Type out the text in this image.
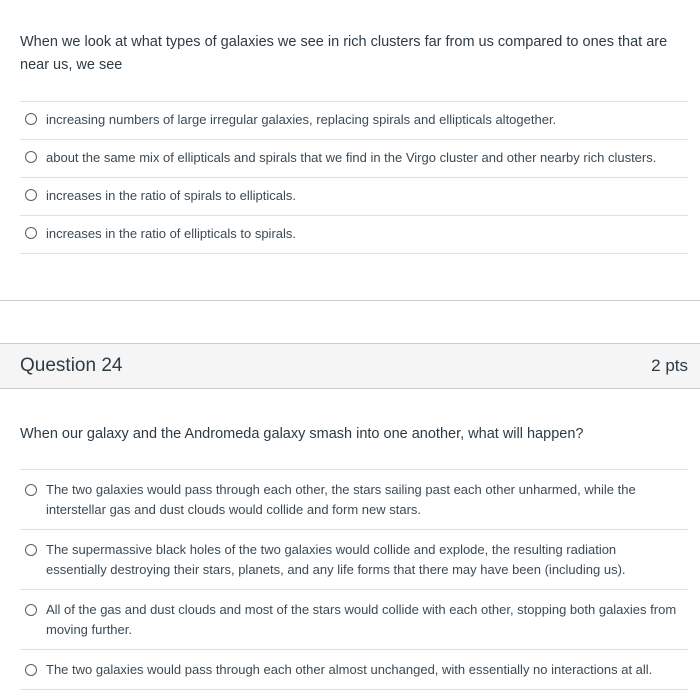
When we look at what types of galaxies we see in rich clusters far from us compared to ones that are near us, we see
increasing numbers of large irregular galaxies, replacing spirals and ellipticals altogether.
about the same mix of ellipticals and spirals that we find in the Virgo cluster and other nearby rich clusters.
increases in the ratio of spirals to ellipticals.
increases in the ratio of ellipticals to spirals.
Question 24	2 pts
When our galaxy and the Andromeda galaxy smash into one another, what will happen?
The two galaxies would pass through each other, the stars sailing past each other unharmed, while the interstellar gas and dust clouds would collide and form new stars.
The supermassive black holes of the two galaxies would collide and explode, the resulting radiation essentially destroying their stars, planets, and any life forms that there may have been (including us).
All of the gas and dust clouds and most of the stars would collide with each other, stopping both galaxies from moving further.
The two galaxies would pass through each other almost unchanged, with essentially no interactions at all.
